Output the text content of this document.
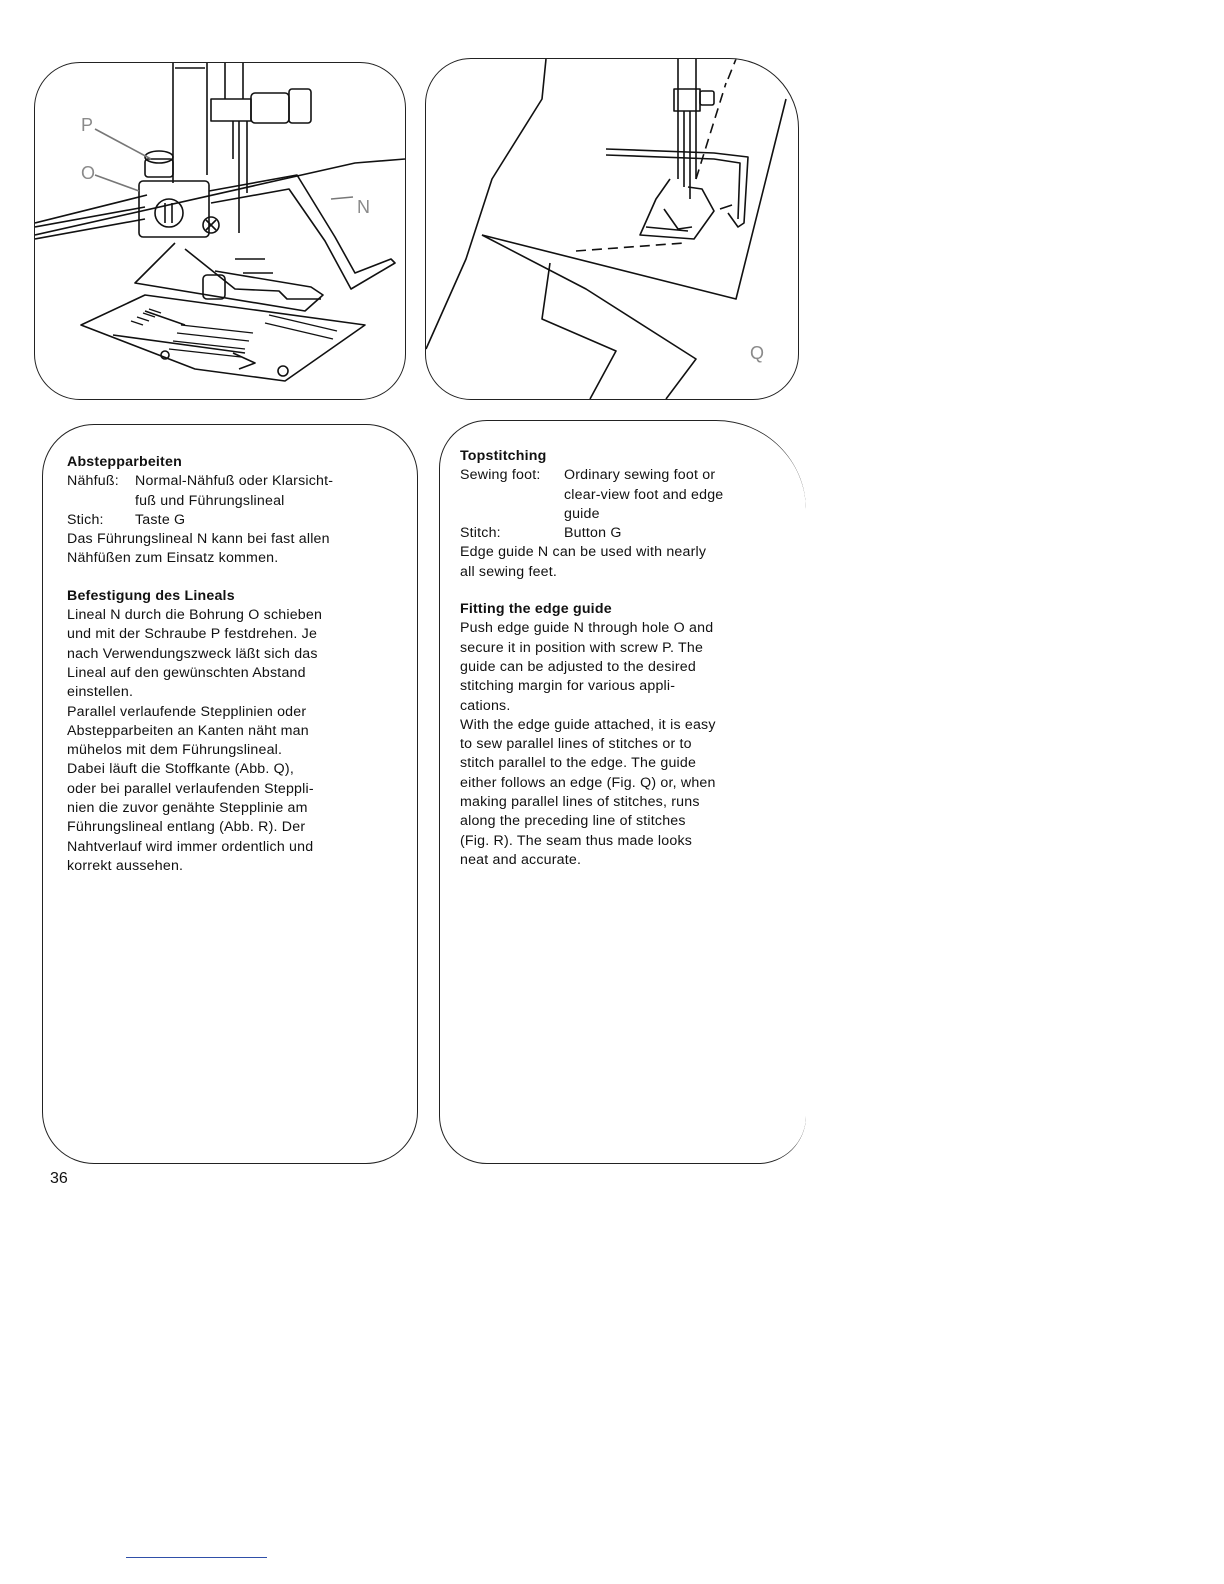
P
O
N
Q
Abstepparbeiten
Nähfuß:	Normal-Nähfuß oder Klarsicht-

fuß und Führungslineal

Stich:	Taste G

Das Führungslineal N kann bei fast allen

Nähfüßen zum Einsatz kommen.

Befestigung des Lineals

Lineal N durch die Bohrung O schieben

und mit der Schraube P festdrehen. Je

nach Verwendungszweck läßt sich das

Lineal auf den gewünschten Abstand

einstellen.

Parallel verlaufende Stepplinien oder

Abstepparbeiten an Kanten näht man

mühelos mit dem Führungslineal.

Dabei läuft die Stoffkante (Abb. Q),

oder bei parallel verlaufenden Steppli-

nien die zuvor genähte Stepplinie am

Führungslineal entlang (Abb. R). Der

Nahtverlauf wird immer ordentlich und

korrekt aussehen.

Topstitching
Sewing foot:	Ordinary sewing foot or

clear-view foot and edge

guide

Stitch:	Button G

Edge guide N can be used with nearly

all sewing feet.

Fitting the edge guide

Push edge guide N through hole O and

secure it in position with screw P. The

guide can be adjusted to the desired

stitching margin for various appli-

cations.

With the edge guide attached, it is easy

to sew parallel lines of stitches or to

stitch parallel to the edge. The guide

either follows an edge (Fig. Q) or, when

making parallel lines of stitches, runs

along the preceding line of stitches

(Fig. R). The seam thus made looks

neat and accurate.

36
